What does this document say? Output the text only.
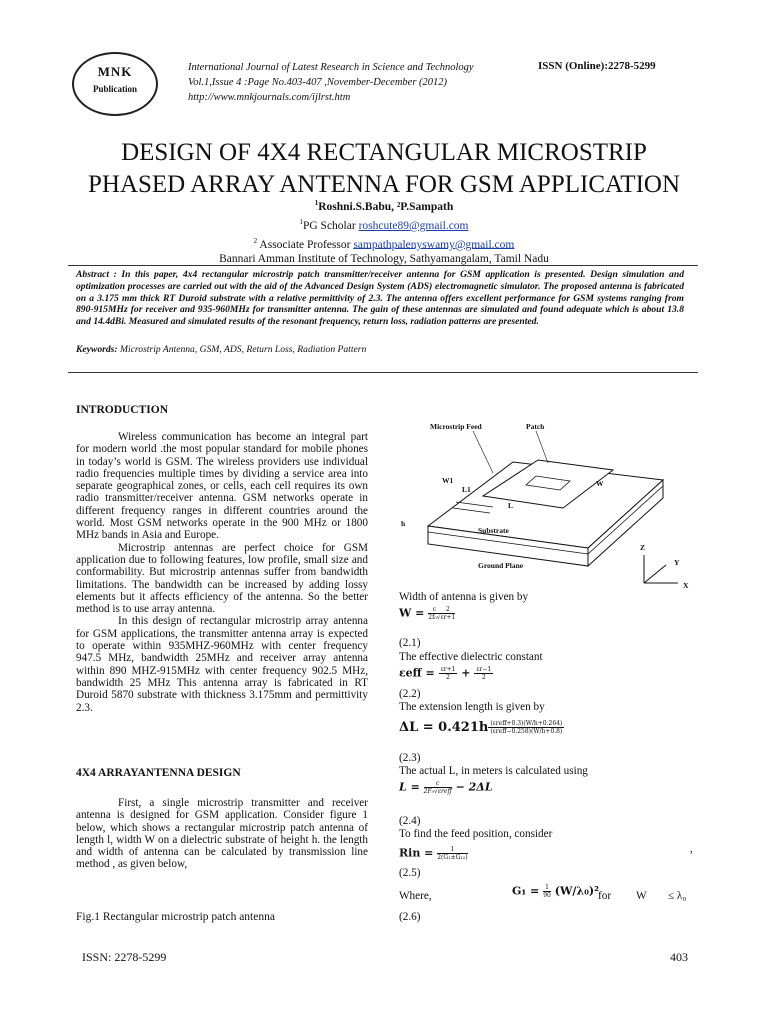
MNK
Publication
International Journal of Latest Research in Science and Technology
Vol.1,Issue 4 :Page No.403-407 ,November-December (2012)
http://www.mnkjournals.com/ijlrst.htm
ISSN (Online):2278-5299
DESIGN OF 4X4 RECTANGULAR MICROSTRIP
PHASED ARRAY ANTENNA FOR GSM APPLICATION
$^1$Roshni.S.Babu, ²P.Sampath
$^1$PG Scholar roshcute89@gmail.com
$^2$ Associate Professor sampathpalenyswamy@gmail.com
Bannari Amman Institute of Technology, Sathyamangalam, Tamil Nadu
Abstract : In this paper, 4x4 rectangular microstrip patch transmitter/receiver antenna for GSM application is presented. Design simulation and optimization processes are carried out with the aid of the Advanced Design System (ADS) electromagnetic simulator. The proposed antenna is fabricated on a 3.175 mm thick RT Duroid substrate with a relative permittivity of 2.3. The antenna offers excellent performance for GSM systems ranging from 890-915MHz for receiver and 935-960MHz for transmitter antenna. The gain of these antennas are simulated and found adequate which is about 13.8 and 14.4dBi. Measured and simulated results of the resonant frequency, return loss, radiation patterns are presented.
Keywords: Microstrip Antenna, GSM, ADS, Return Loss, Radiation Pattern
INTRODUCTION

Wireless communication has become an integral part for modern world .the most popular standard for mobile phones in today’s world is GSM. The wireless providers use individual radio frequencies multiple times by dividing a service area into separate geographical zones, or cells, each cell requires its own radio transmitter/receiver antenna. GSM networks operate in different frequency ranges in different countries around the world. Most GSM networks operate in the 900 MHz or 1800 MHz bands in Asia and Europe.

Microstrip antennas are perfect choice for GSM application due to following features, low profile, small size and conformability. But microstrip antennas suffer from bandwidth limitations. The bandwidth can be increased by adding lossy elements but it affects efficiency of the antenna. So the better method is to use array antenna.

In this design of rectangular microstrip array antenna for GSM applications, the transmitter antenna array is expected to operate within 935MHZ-960MHz with center frequency 947.5 MHz, bandwidth 25MHz and receiver array antenna within 890 MHZ-915MHz with center frequency 902.5 MHz, bandwidth 25 MHz This antenna array is fabricated in RT Duroid 5870 substrate with thickness 3.175mm and permittivity 2.3.

4X4 ARRAYANTENNA DESIGN

First, a single microstrip transmitter and receiver antenna is designed for GSM application. Consider figure 1 below, which shows a rectangular microstrip patch antenna of length l, width W on a dielectric substrate of height h. the length and width of antenna can be calculated by transmission line method , as given below,

Fig.1 Rectangular microstrip patch antenna
Microstrip Feed	Patch
W1
L1
W
L
h
Substrate
Ground Plane
Z
Y
X
Width of antenna is given by
$W = \frac{c}{\text{2f₀√}} \frac{2}{\varepsilon r+1}$
(2.1)
The effective dielectric constant
$\varepsilon eff = \frac{\varepsilon r+1}{2} + \frac{\varepsilon r-1}{2}$
(2.2)
The extension length is given by
ΔL = 0.421h (εreff+0.3)(W/h+0.264)
(εreff−0.258)(W/h+0.8)
(2.3)
The actual L, in meters is calculated using
L =	c
2F₀√εreff − 2ΔL
(2.4)
To find the feed position, consider
Rin = $\frac{1}{\text{2(G₁±G₁₂)}}$	,
(2.5)
Where,	$G_1 = \frac{1}{90} (W/\lambda_0)^2$ for W ≤ λ₀
(2.6)
ISSN: 2278-5299	403
